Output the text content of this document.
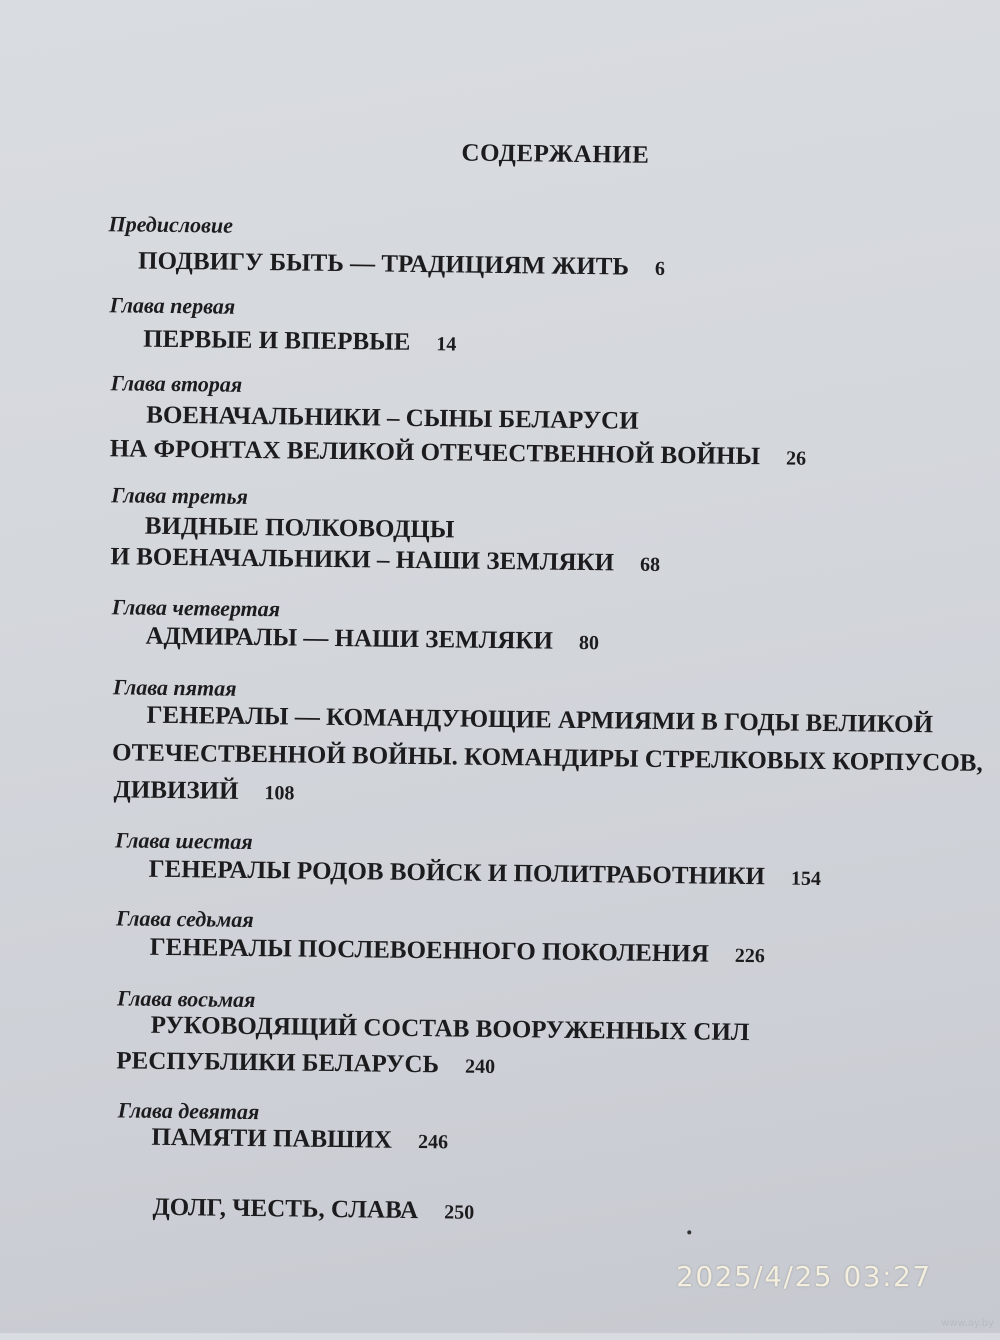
СОДЕРЖАНИЕ
Предисловие
ПОДВИГУ БЫТЬ — ТРАДИЦИЯМ ЖИТЬ 6
Глава первая
ПЕРВЫЕ И ВПЕРВЫЕ 14
Глава вторая
ВОЕНАЧАЛЬНИКИ – СЫНЫ БЕЛАРУСИ
НА ФРОНТАХ ВЕЛИКОЙ ОТЕЧЕСТВЕННОЙ ВОЙНЫ 26
Глава третья
ВИДНЫЕ ПОЛКОВОДЦЫ
И ВОЕНАЧАЛЬНИКИ – НАШИ ЗЕМЛЯКИ 68
Глава четвертая
АДМИРАЛЫ — НАШИ ЗЕМЛЯКИ 80
Глава пятая
ГЕНЕРАЛЫ — КОМАНДУЮЩИЕ АРМИЯМИ В ГОДЫ ВЕЛИКОЙ
ОТЕЧЕСТВЕННОЙ ВОЙНЫ. КОМАНДИРЫ СТРЕЛКОВЫХ КОРПУСОВ,
ДИВИЗИЙ 108
Глава шестая
ГЕНЕРАЛЫ РОДОВ ВОЙСК И ПОЛИТРАБОТНИКИ 154
Глава седьмая
ГЕНЕРАЛЫ ПОСЛЕВОЕННОГО ПОКОЛЕНИЯ 226
Глава восьмая
РУКОВОДЯЩИЙ СОСТАВ ВООРУЖЕННЫХ СИЛ
РЕСПУБЛИКИ БЕЛАРУСЬ 240
Глава девятая
ПАМЯТИ ПАВШИХ 246
ДОЛГ, ЧЕСТЬ, СЛАВА 250
2025/4/25 03:27
www.ay.by
